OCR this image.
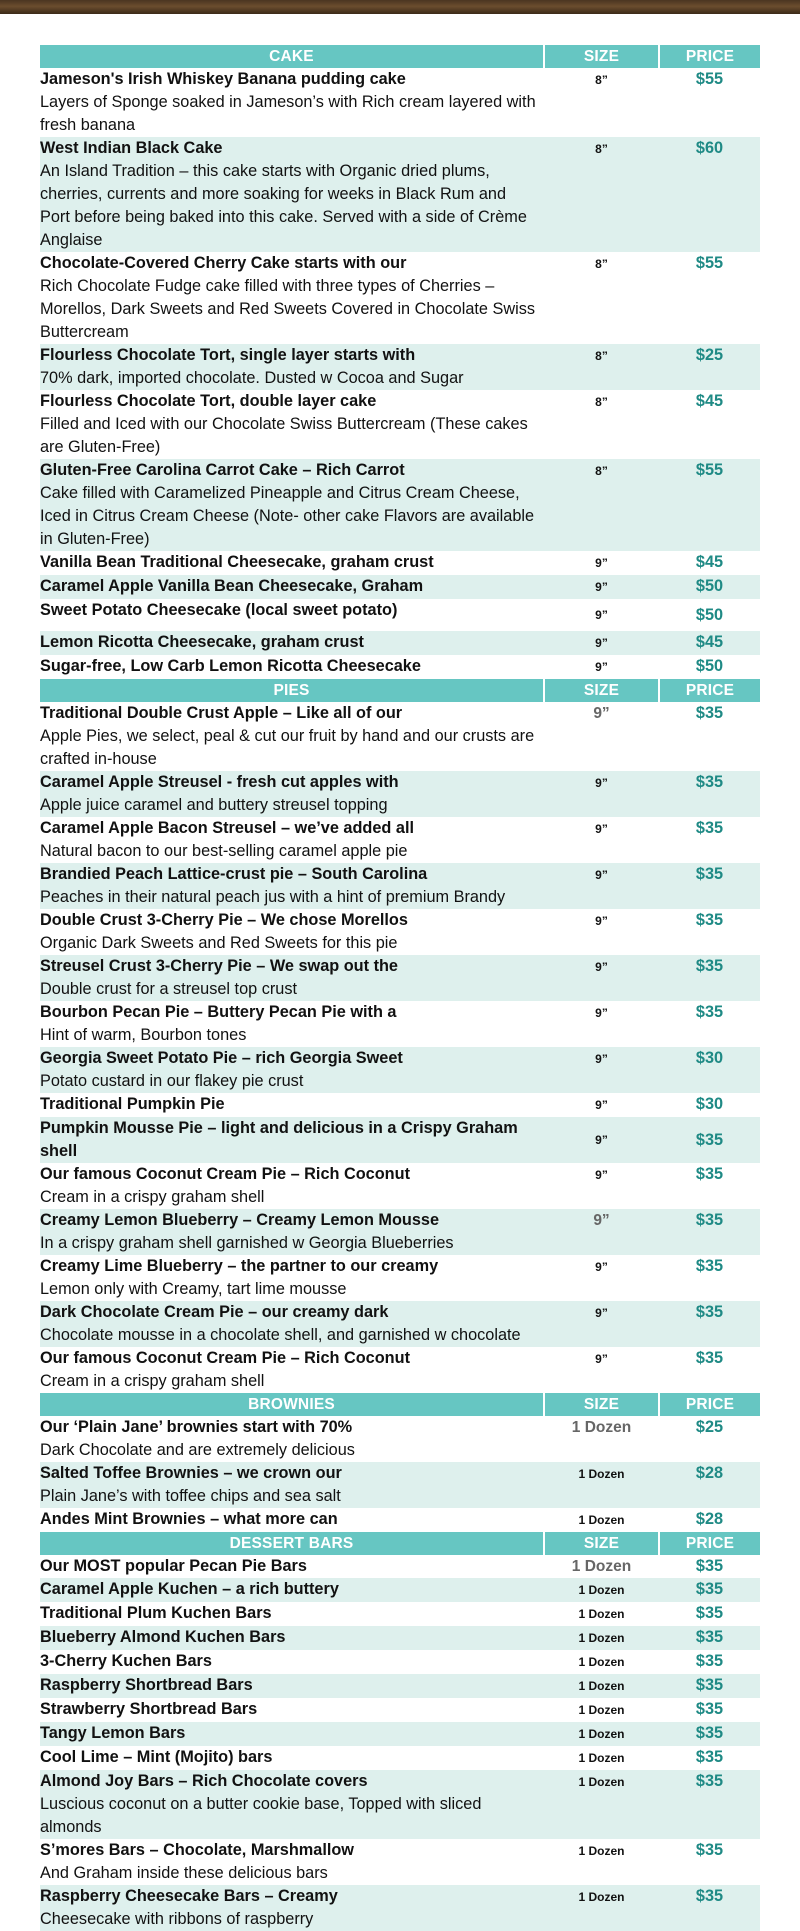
CAKE	SIZE	PRICE

Jameson's Irish Whiskey Banana pudding cake
Layers of Sponge soaked in Jameson’s with Rich cream layered with fresh banana	8”	$55

West Indian Black Cake
An Island Tradition – this cake starts with Organic dried plums, cherries, currents and more soaking for weeks in Black Rum and Port before being baked into this cake. Served with a side of Crème Anglaise	8”	$60

Chocolate-Covered Cherry Cake starts with our
Rich Chocolate Fudge cake filled with three types of Cherries – Morellos, Dark Sweets and Red Sweets Covered in Chocolate Swiss Buttercream	8”	$55

Flourless Chocolate Tort, single layer starts with
70% dark, imported chocolate. Dusted w Cocoa and Sugar	8”	$25

Flourless Chocolate Tort, double layer cake
Filled and Iced with our Chocolate Swiss Buttercream (These cakes are Gluten-Free)	8”	$45

Gluten-Free Carolina Carrot Cake – Rich Carrot
Cake filled with Caramelized Pineapple and Citrus Cream Cheese, Iced in Citrus Cream Cheese (Note- other cake Flavors are available in Gluten-Free)	8”	$55

Vanilla Bean Traditional Cheesecake, graham crust	9”	$45

Caramel Apple Vanilla Bean Cheesecake, Graham	9”	$50

Sweet Potato Cheesecake (local sweet potato)	9”	$50

Lemon Ricotta Cheesecake, graham crust	9”	$45

Sugar-free, Low Carb Lemon Ricotta Cheesecake	9”	$50
PIES	SIZE	PRICE

Traditional Double Crust Apple – Like all of our
Apple Pies, we select, peal & cut our fruit by hand and our crusts are crafted in-house	9”	$35

Caramel Apple Streusel - fresh cut apples with
Apple juice caramel and buttery streusel topping	9”	$35

Caramel Apple Bacon Streusel – we’ve added all
Natural bacon to our best-selling caramel apple pie	9”	$35

Brandied Peach Lattice-crust pie – South Carolina
Peaches in their natural peach jus with a hint of premium Brandy	9”	$35

Double Crust 3-Cherry Pie – We chose Morellos
Organic Dark Sweets and Red Sweets for this pie	9”	$35

Streusel Crust 3-Cherry Pie – We swap out the
Double crust for a streusel top crust	9”	$35

Bourbon Pecan Pie – Buttery Pecan Pie with a
Hint of warm, Bourbon tones	9”	$35

Georgia Sweet Potato Pie – rich Georgia Sweet
Potato custard in our flakey pie crust	9”	$30

Traditional Pumpkin Pie	9”	$30

Pumpkin Mousse Pie – light and delicious in a Crispy Graham shell	9”	$35

Our famous Coconut Cream Pie – Rich Coconut
Cream in a crispy graham shell	9”	$35

Creamy Lemon Blueberry – Creamy Lemon Mousse
In a crispy graham shell garnished w Georgia Blueberries	9”	$35

Creamy Lime Blueberry – the partner to our creamy
Lemon only with Creamy, tart lime mousse	9”	$35

Dark Chocolate Cream Pie – our creamy dark
Chocolate mousse in a chocolate shell, and garnished w chocolate	9”	$35

Our famous Coconut Cream Pie – Rich Coconut
Cream in a crispy graham shell	9”	$35
BROWNIES	SIZE	PRICE

Our ‘Plain Jane’ brownies start with 70%
Dark Chocolate and are extremely delicious	1 Dozen	$25

Salted Toffee Brownies – we crown our
Plain Jane’s with toffee chips and sea salt	1 Dozen	$28

Andes Mint Brownies – what more can	1 Dozen	$28
DESSERT BARS	SIZE	PRICE

Our MOST popular Pecan Pie Bars	1 Dozen	$35

Caramel Apple Kuchen – a rich buttery	1 Dozen	$35

Traditional Plum Kuchen Bars	1 Dozen	$35

Blueberry Almond Kuchen Bars	1 Dozen	$35

3-Cherry Kuchen Bars	1 Dozen	$35

Raspberry Shortbread Bars	1 Dozen	$35

Strawberry Shortbread Bars	1 Dozen	$35

Tangy Lemon Bars	1 Dozen	$35

Cool Lime – Mint (Mojito) bars	1 Dozen	$35

Almond Joy Bars – Rich Chocolate covers
Luscious coconut on a butter cookie base, Topped with sliced almonds	1 Dozen	$35

S’mores Bars – Chocolate, Marshmallow
And Graham inside these delicious bars	1 Dozen	$35

Raspberry Cheesecake Bars – Creamy
Cheesecake with ribbons of raspberry	1 Dozen	$35
